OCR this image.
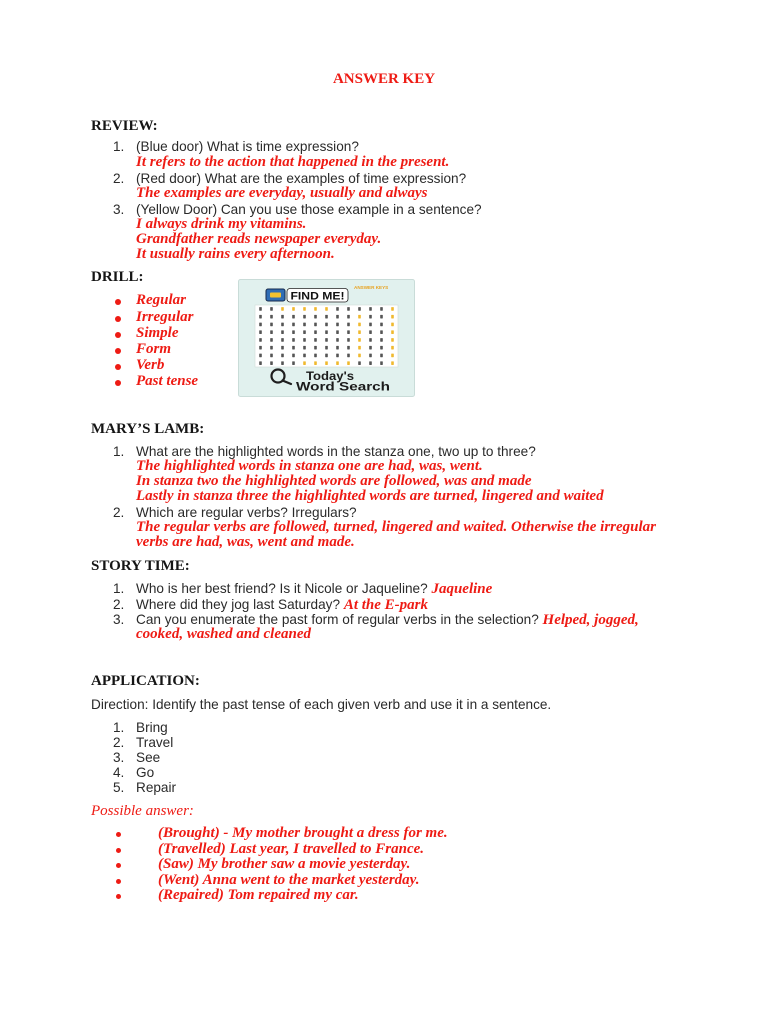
ANSWER KEY
REVIEW:
1. (Blue door) What is time expression?
It refers to the action that happened in the present.
2. (Red door) What are the examples of time expression?
The examples are everyday, usually and always
3. (Yellow Door) Can you use those example in a sentence?
I always drink my vitamins.
Grandfather reads newspaper everyday.
It usually rains every afternoon.
DRILL:
Regular
Irregular
Simple
Form
Verb
Past tense
ANSWER KEYS
FIND ME!
Today's
Word Search
MARY’S LAMB:
1. What are the highlighted words in the stanza one, two up to three?
The highlighted words in stanza one are had, was, went.
In stanza two the highlighted words are followed, was and made
Lastly in stanza three the highlighted words are turned, lingered and waited
2. Which are regular verbs? Irregulars?
The regular verbs are followed, turned, lingered and waited. Otherwise the irregular
verbs are had, was, went and made.
STORY TIME:
1. Who is her best friend? Is it Nicole or Jaqueline? Jaqueline
2. Where did they jog last Saturday? At the E-park
3. Can you enumerate the past form of regular verbs in the selection? Helped, jogged,
cooked, washed and cleaned
APPLICATION:
Direction: Identify the past tense of each given verb and use it in a sentence.
1. Bring
2. Travel
3. See
4. Go
5. Repair
Possible answer:
(Brought) - My mother brought a dress for me.
(Travelled) Last year, I travelled to France.
(Saw) My brother saw a movie yesterday.
(Went) Anna went to the market yesterday.
(Repaired) Tom repaired my car.
